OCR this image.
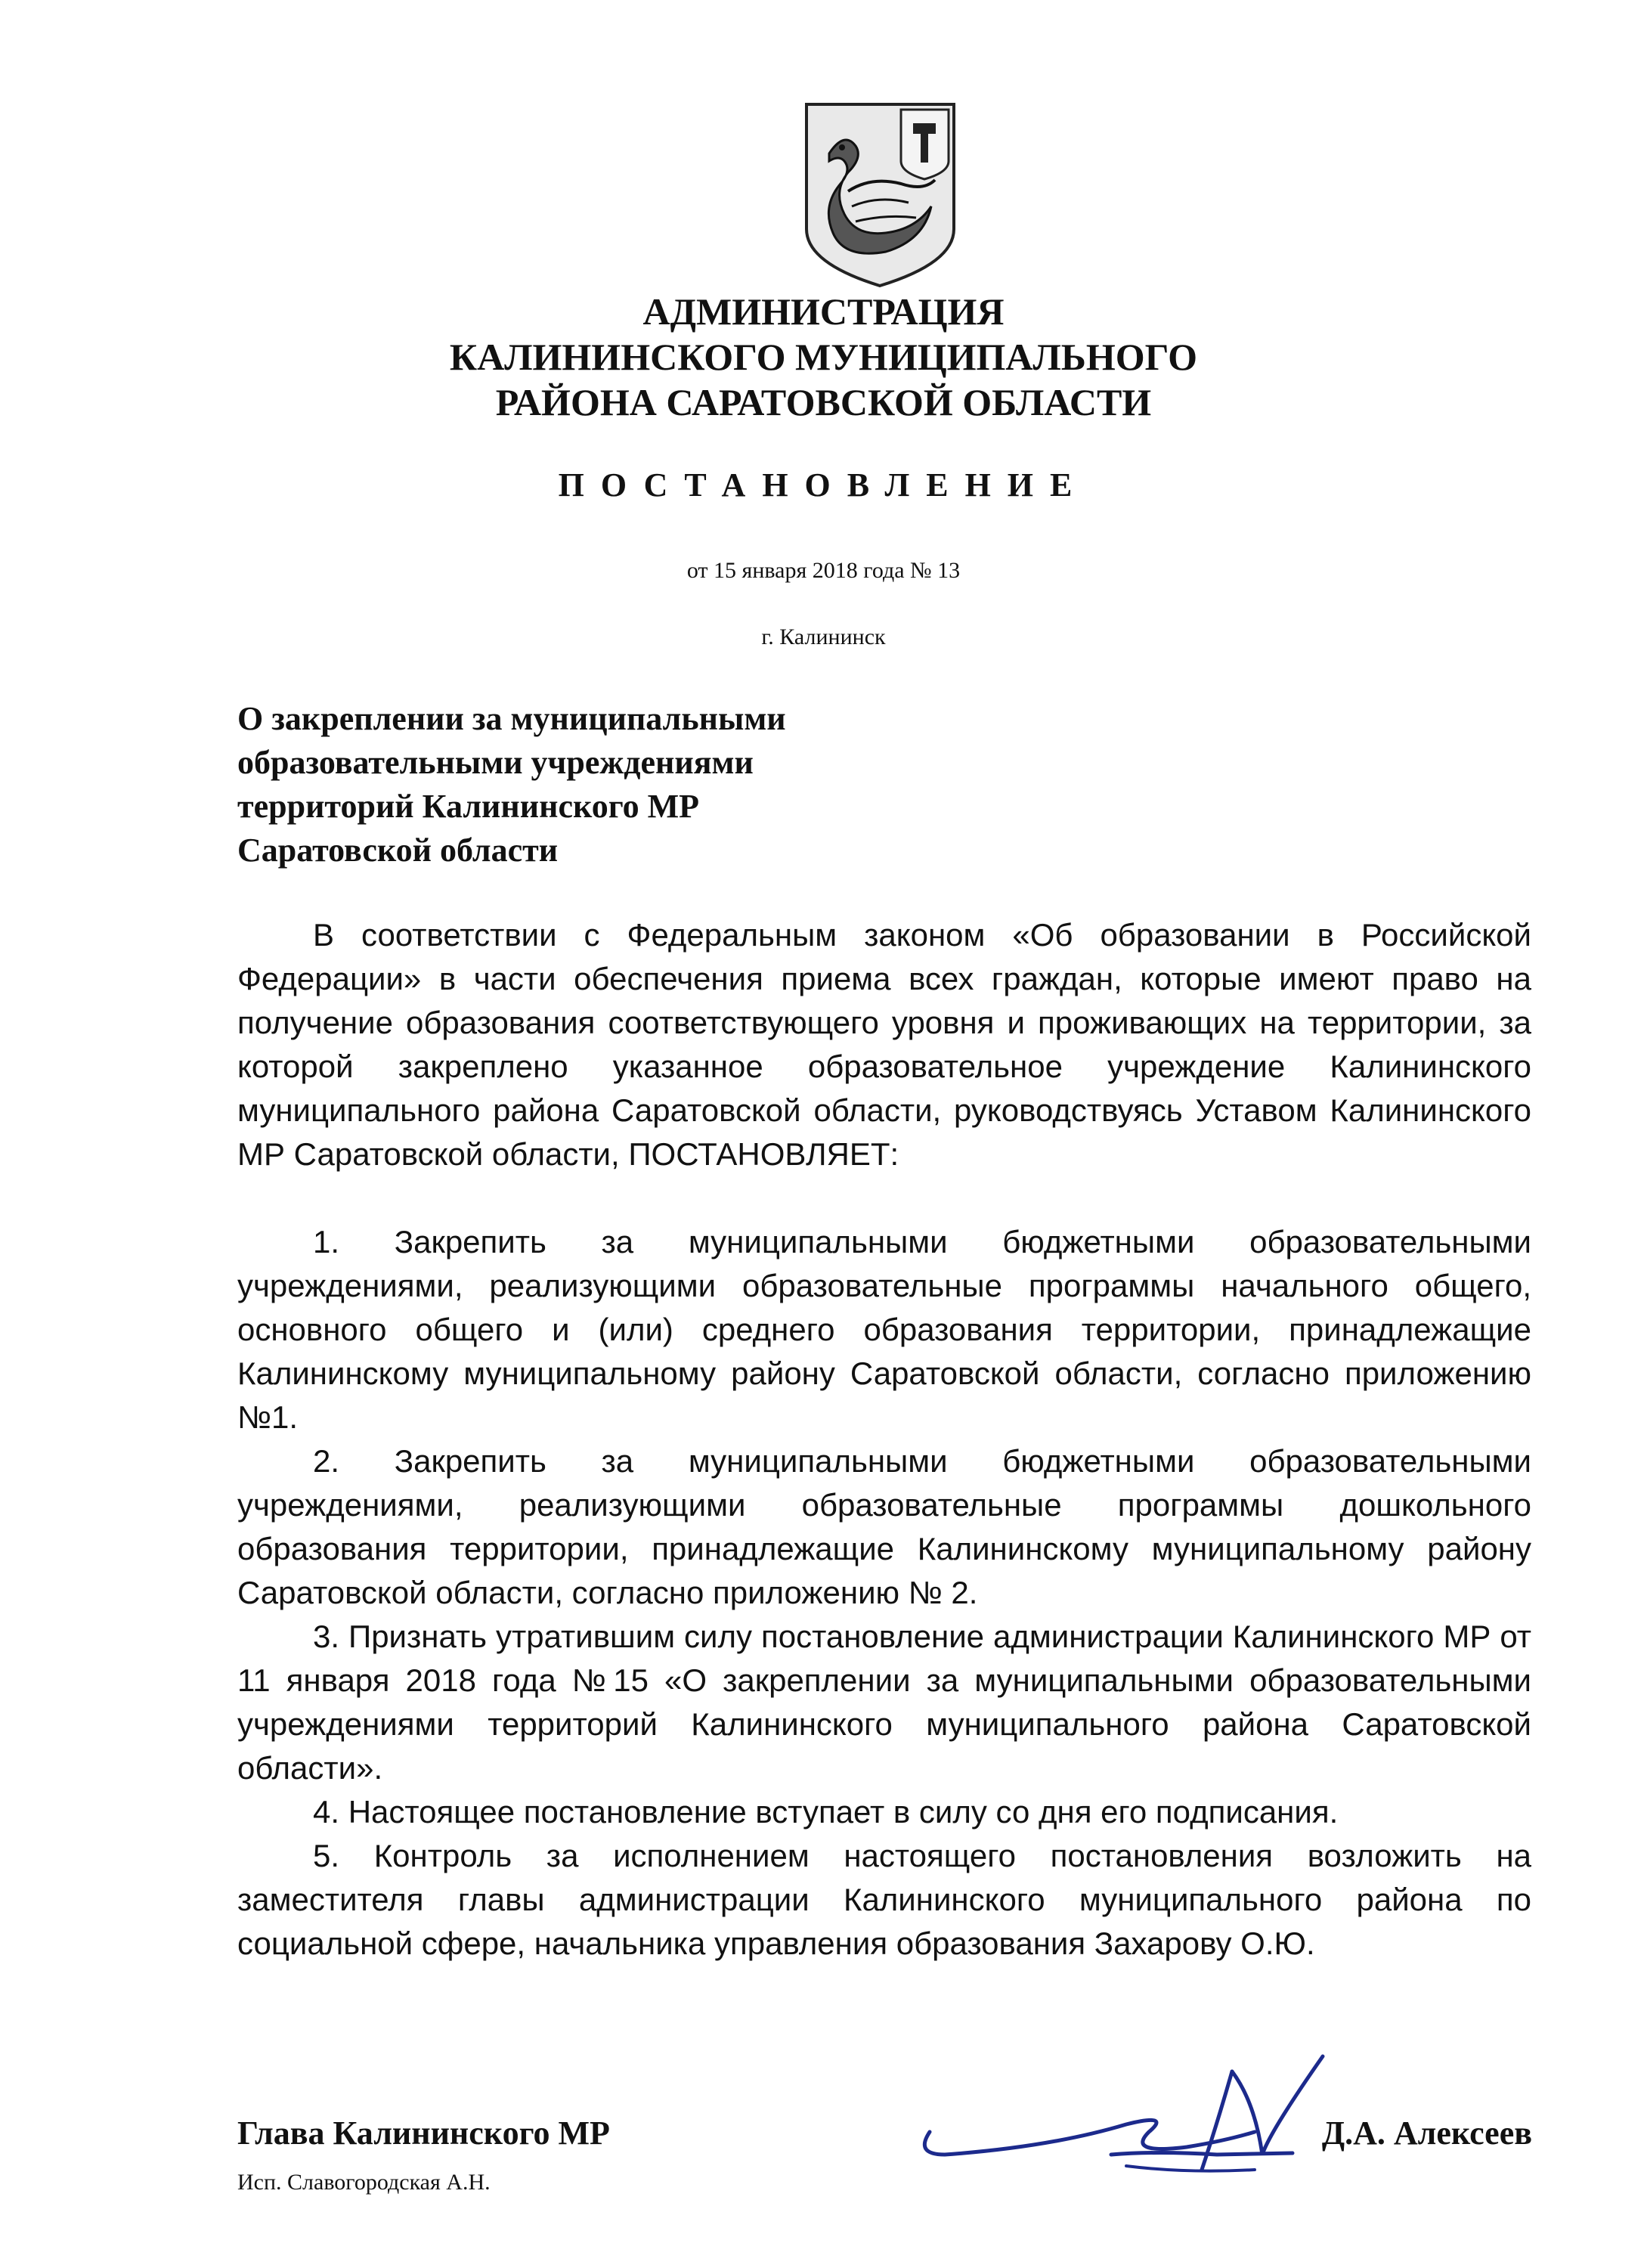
АДМИНИСТРАЦИЯ
КАЛИНИНСКОГО МУНИЦИПАЛЬНОГО
РАЙОНА САРАТОВСКОЙ ОБЛАСТИ
ПОСТАНОВЛЕНИЕ
от 15 января 2018 года № 13
г. Калининск
О закреплении за муниципальными
образовательными учреждениями
территорий Калининского МР
Саратовской области

В соответствии с Федеральным законом «Об образовании в Российской Федерации» в части обеспечения приема всех граждан, которые имеют право на получение образования соответствующего уровня и проживающих на территории, за которой закреплено указанное образовательное учреждение Калининского муниципального района Саратовской области, руководствуясь Уставом Калининского МР Саратовской области, ПОСТАНОВЛЯЕТ:

1. Закрепить за муниципальными бюджетными образовательными учреждениями, реализующими образовательные программы начального общего, основного общего и (или) среднего образования территории, принадлежащие Калининскому муниципальному району Саратовской области, согласно приложению №1.

2. Закрепить за муниципальными бюджетными образовательными учреждениями, реализующими образовательные программы дошкольного образования территории, принадлежащие Калининскому муниципальному району Саратовской области, согласно приложению № 2.

3. Признать утратившим силу постановление администрации Калининского МР от 11 января 2018 года №15 «О закреплении за муниципальными образовательными учреждениями территорий Калининского муниципального района Саратовской области».

4. Настоящее постановление вступает в силу со дня его подписания.

5. Контроль за исполнением настоящего постановления возложить на заместителя главы администрации Калининского муниципального района по социальной сфере, начальника управления образования Захарову О.Ю.

Глава Калининского МР	Д.А. Алексеев
Исп. Славогородская А.Н.
